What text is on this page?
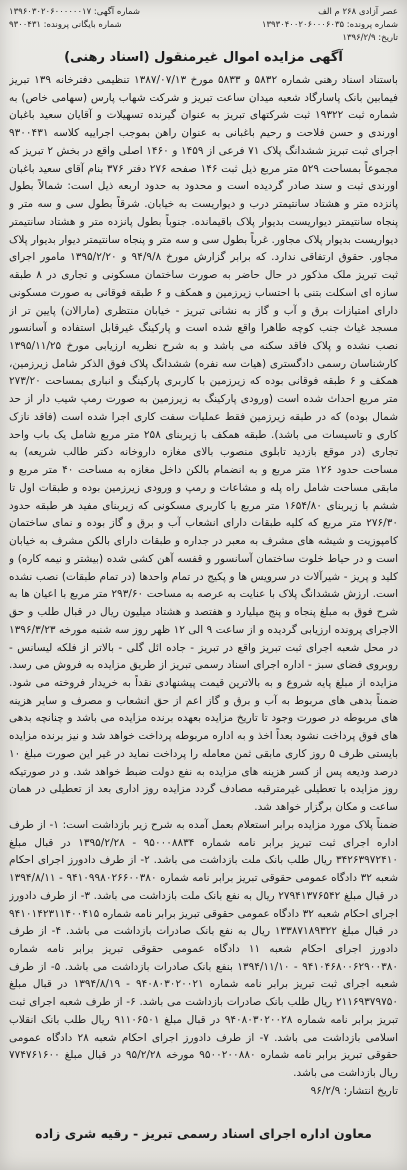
عصر آزادی ۲۶۸ م الف
شماره آگهی: ۱۳۹۶۰۳۰۲۰۶۰۰۰۰۰۰۱۷
شماره پرونده: ۱۳۹۳۰۴۰۰۲۰۶۰۰۰۶۰۳۵
شماره بایگانی پرونده: ۹۳۰۰۴۳۱
تاریخ: ۱۳۹۶/۲/۹
آگهی مزایده اموال غیرمنقول (اسناد رهنی)

باستناد اسناد رهنی شماره ۵۸۳۲ و ۵۸۳۳ مورخ ۱۳۸۷/۰۷/۱۳ تنظیمی دفترخانه ۱۳۹ تبریز فیمابین بانک پاسارگاد شعبه میدان ساعت تبریز و شرکت شهاب پارس (سهامی خاص) به شماره ثبت ۱۹۳۲۲ ثبت شرکتهای تبریز به عنوان گیرنده تسهیلات و آقایان سعید باغبان اورندی و حسن فلاحت و رحیم باغبانی به عنوان راهن بموجب اجراییه کلاسه ۹۳۰۰۴۳۱ اجرای ثبت تبریز ششدانگ پلاک ۷۱ فرعی از ۱۴۵۹ و ۱۴۶۰ اصلی واقع در بخش ۲ تبریز که مجموعاً بمساحت ۵۲۹ متر مربع ذیل ثبت ۱۴۶ صفحه ۲۷۶ دفتر ۳۷۶ بنام آقای سعید باغبان اورندی ثبت و سند صادر گردیده است و محدود به حدود اربعه ذیل است: شمالاً بطول پانزده متر و هشتاد سانتیمتر درب و دیواریست به خیابان. شرقاً بطول سی و سه متر و پنجاه سانتیمتر دیواریست بدیوار پلاک باقیمانده. جنوباً بطول پانزده متر و هشتاد سانتیمتر دیواریست بدیوار پلاک مجاور. غرباً بطول سی و سه متر و پنجاه سانتیمتر دیوار بدیوار پلاک مجاور. حقوق ارتفاقی ندارد. که برابر گزارش مورخ ۹۴/۹/۸ و ۱۳۹۵/۲/۲۰ مامور اجرای ثبت تبریز ملک مذکور در حال حاضر به صورت ساختمان مسکونی و تجاری در ۸ طبقه سازه ای اسکلت بتنی با احتساب زیرزمین و همکف و ۶ طبقه فوقانی به صورت مسکونی دارای امتیازات برق و آب و گاز به نشانی تبریز - خیابان منتظری (مارالان) پایین تر از مسجد غیاث جنب کوچه طاهرا واقع شده است و پارکینگ غیرقابل استفاده و آسانسور نصب نشده و پلاک فاقد سکنه می باشد و به شرح نظریه ارزیابی مورخ ۱۳۹۵/۱۱/۲۵ کارشناسان رسمی دادگستری (هیات سه نفره) ششدانگ پلاک فوق الذکر شامل زیرزمین، همکف و ۶ طبقه فوقانی بوده که زیرزمین با کاربری پارکینگ و انباری بمساحت ۲۷۳/۲۰ متر مربع احداث شده است (ورودی پارکینگ به زیرزمین به صورت رمپ شیب دار از حد شمال بوده) که در طبقه زیرزمین فقط عملیات سفت کاری اجرا شده است (فاقد نازک کاری و تاسیسات می باشد). طبقه همکف با زیربنای ۲۵۸ متر مربع شامل یک باب واحد تجاری (در موقع بازدید تابلوی منصوب بالای مغازه داروخانه دکتر طالب شریعه) به مساحت حدود ۱۲۶ متر مربع و به انضمام بالکن داخل مغازه به مساحت ۴۰ متر مربع و مابقی مساحت شامل راه پله و مشاعات و رمپ و ورودی زیرزمین بوده و طبقات اول تا ششم با زیربنای ۱۶۵۴/۸۰ متر مربع با کاربری مسکونی که زیربنای مفید هر طبقه حدود ۲۷۶/۳۰ متر مربع که کلیه طبقات دارای انشعاب آب و برق و گاز بوده و نمای ساختمان کامپوزیت و شیشه های مشرف به معبر در جداره و طبقات دارای بالکن مشرف به خیابان است و در حیاط خلوت ساختمان آسانسور و قفسه آهن کشی شده (بیشتر و نیمه کاره) و کلید و پریز - شیرآلات در سرویس ها و پکیج در تمام واحدها (در تمام طبقات) نصب نشده است. ارزش ششدانگ پلاک با عنایت به عرصه به مساحت ۲۹۳/۶۰ متر مربع با اعیان ها به شرح فوق به مبلغ پنجاه و پنج میلیارد و هفتصد و هشتاد میلیون ریال در قبال طلب و حق الاجرای پرونده ارزیابی گردیده و از ساعت ۹ الی ۱۲ ظهر روز سه شنبه مورخه ۱۳۹۶/۳/۲۳ در محل شعبه اجرای ثبت تبریز واقع در تبریز - جاده ائل گلی - بالاتر از فلکه لیسانس - روبروی فضای سبز - اداره اجرای اسناد رسمی تبریز از طریق مزایده به فروش می رسد. مزایده از مبلغ پایه شروع و به بالاترین قیمت پیشنهادی نقداً به خریدار فروخته می شود. ضمناً بدهی های مربوط به آب و برق و گاز اعم از حق انشعاب و مصرف و سایر هزینه های مربوطه در صورت وجود تا تاریخ مزایده بعهده برنده مزایده می باشد و چنانچه بدهی های فوق پرداخت نشود بعداً اخذ و به اداره مربوطه پرداخت خواهد شد و نیز برنده مزایده بایستی ظرف ۵ روز کاری مابقی ثمن معامله را پرداخت نماید در غیر این صورت مبلغ ۱۰ درصد ودیعه پس از کسر هزینه های مزایده به نفع دولت ضبط خواهد شد. و در صورتیکه روز مزایده با تعطیلی غیرمترقبه مصادف گردد مزایده روز اداری بعد از تعطیلی در همان ساعت و مکان برگزار خواهد شد.

ضمناً پلاک مورد مزایده برابر استعلام بعمل آمده به شرح زیر بازداشت است: ۱- از طرف اداره اجرای ثبت تبریز برابر نامه شماره ۹۵۰۰۰۸۸۳۴ - ۱۳۹۵/۲/۲۸ در قبال مبلغ ۳۴۲۶۳۹۷۲۴۱۰ ریال طلب بانک ملت بازداشت می باشد. ۲- از طرف دادورز اجرای احکام شعبه ۳۲ دادگاه عمومی حقوقی تبریز برابر نامه شماره ۹۴۱۰۹۹۸۰۲۶۶۰۰۳۸۰ - ۱۳۹۴/۸/۱۱ در قبال مبلغ ۲۷۹۴۱۳۷۶۵۴۲ ریال به نفع بانک ملت بازداشت می باشد. ۳- از طرف دادورز اجرای احکام شعبه ۳۲ دادگاه عمومی حقوقی تبریز برابر نامه شماره ۹۴۱۰۱۴۲۳۱۱۴۰۰۴۱۵ در قبال مبلغ ۱۳۳۸۷۱۸۹۳۲۲ ریال به نفع بانک صادرات بازداشت می باشد. ۴- از طرف دادورز اجرای احکام شعبه ۱۱ دادگاه عمومی حقوقی تبریز برابر نامه شماره ۹۴۱۰۴۶۸۰۰۶۲۹۰۰۳۸۰ - ۱۳۹۴/۱۱/۱۰ بنفع بانک صادرات بازداشت می باشد. ۵- از طرف شعبه اجرای ثبت تبریز برابر نامه شماره ۹۴۰۸۰۳۰۲۰۰۲۱ - ۱۳۹۴/۸/۱۹ در قبال مبلغ ۲۱۱۶۹۳۷۹۷۵۰ ریال طلب بانک صادرات بازداشت می باشد. ۶- از طرف شعبه اجرای ثبت تبریز برابر نامه شماره ۹۴۰۸۰۳۰۲۰۰۲۸ در قبال مبلغ ۹۱۱۰۶۵۰۱ ریال طلب بانک انقلاب اسلامی بازداشت می باشد. ۷- از طرف دادورز اجرای احکام شعبه ۲۸ دادگاه عمومی حقوقی تبریز برابر نامه شماره ۹۵۰۰۲۰۰۸۸۰ مورخه ۹۵/۲/۲۸ در قبال مبلغ ۷۷۴۷۶۱۶۰۰ ریال بازداشت می باشد.

تاریخ انتشار: ۹۶/۲/۹

معاون اداره اجرای اسناد رسمی تبریز - رقیه شری زاده
